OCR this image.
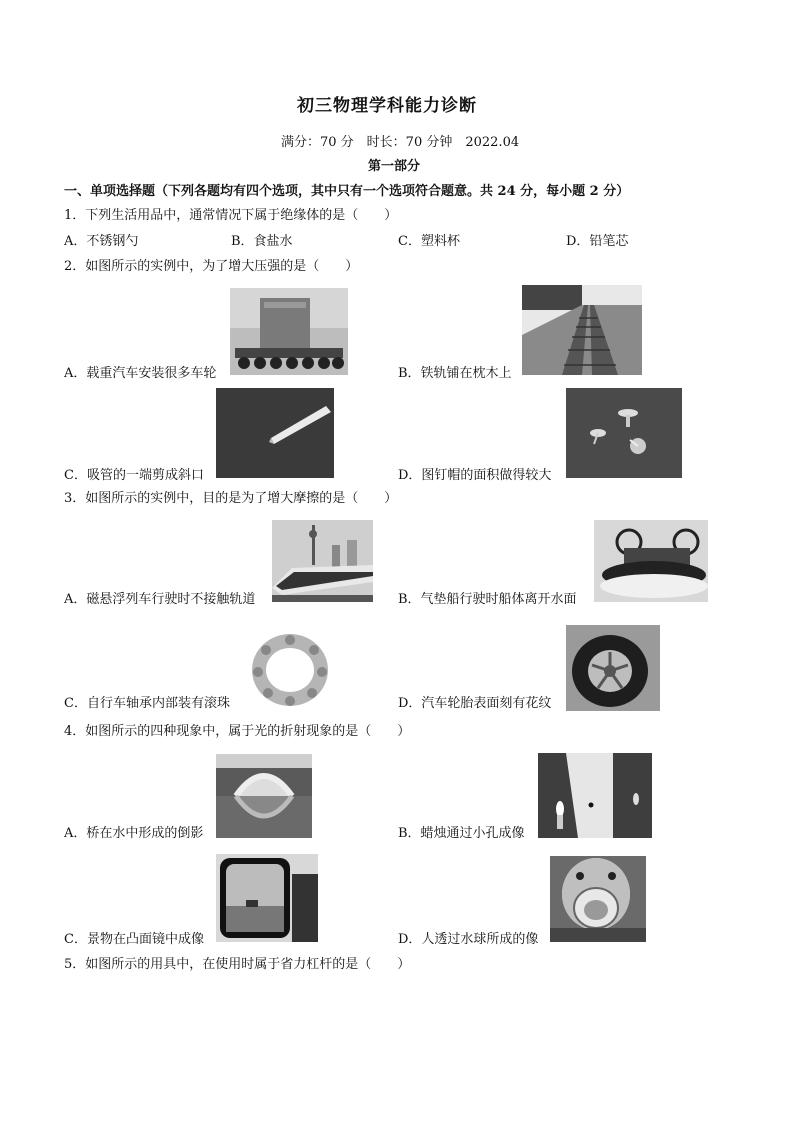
初三物理学科能力诊断
满分：70 分　时长：70 分钟　2022.04
第一部分
一、单项选择题（下列各题均有四个选项，其中只有一个选项符合题意。共 24 分，每小题 2 分）
1．下列生活用品中，通常情况下属于绝缘体的是（　　）
A．不锈钢勺	B．食盐水	C．塑料杯	D．铅笔芯
2．如图所示的实例中，为了增大压强的是（　　）
A．载重汽车安装很多车轮	B．铁轨铺在枕木上
C．吸管的一端剪成斜口	D．图钉帽的面积做得较大
3．如图所示的实例中，目的是为了增大摩擦的是（　　）
A．磁悬浮列车行驶时不接触轨道	B．气垫船行驶时船体离开水面
C．自行车轴承内部装有滚珠	D．汽车轮胎表面刻有花纹
4．如图所示的四种现象中，属于光的折射现象的是（　　）
A．桥在水中形成的倒影	B．蜡烛通过小孔成像
C．景物在凸面镜中成像	D．人透过水球所成的像
5．如图所示的用具中，在使用时属于省力杠杆的是（　　）
